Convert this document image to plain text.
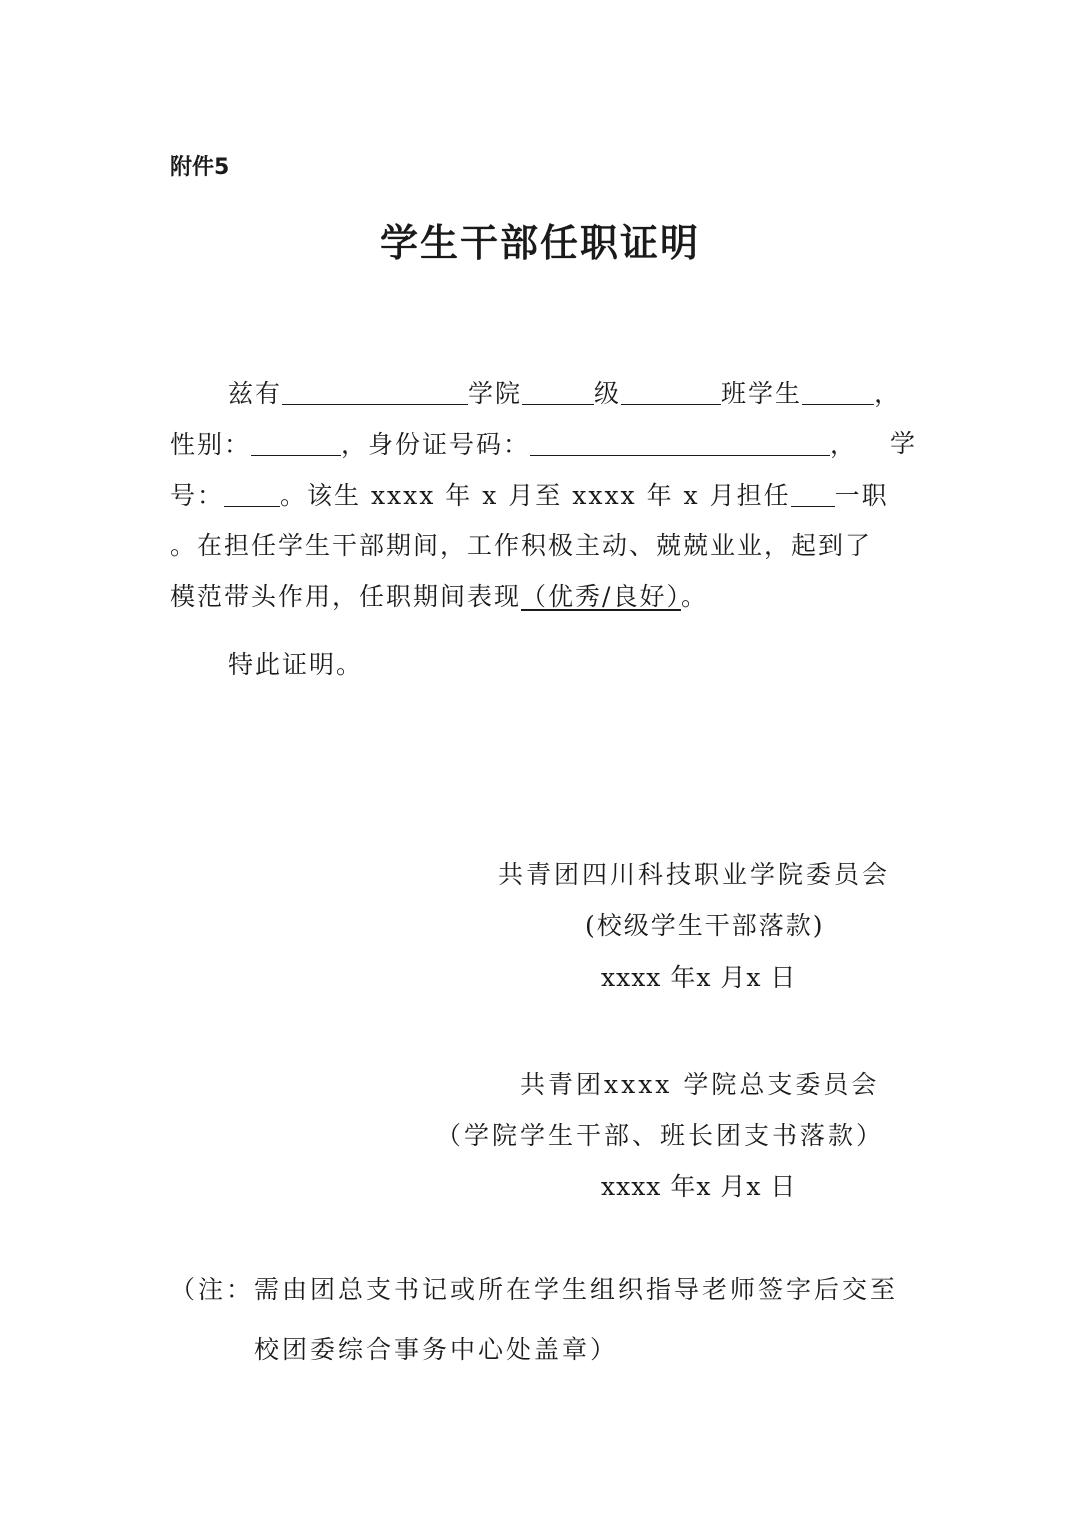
附件5
学生干部任职证明
兹有	学院	级	班学生	，
性别：	，身份证号码：	， 学
号： 。该生 xxxx 年 x 月至 xxxx 年 x 月担任 一职
。在担任学生干部期间，工作积极主动、兢兢业业，起到了
模范带头作用，任职期间表现（优秀/良好）。
特此证明。
共青团四川科技职业学院委员会
(校级学生干部落款)
xxxx 年x 月x 日
共青团xxxx 学院总支委员会
（学院学生干部、班长团支书落款）
xxxx 年x 月x 日
（注：需由团总支书记或所在学生组织指导老师签字后交至
校团委综合事务中心处盖章）
